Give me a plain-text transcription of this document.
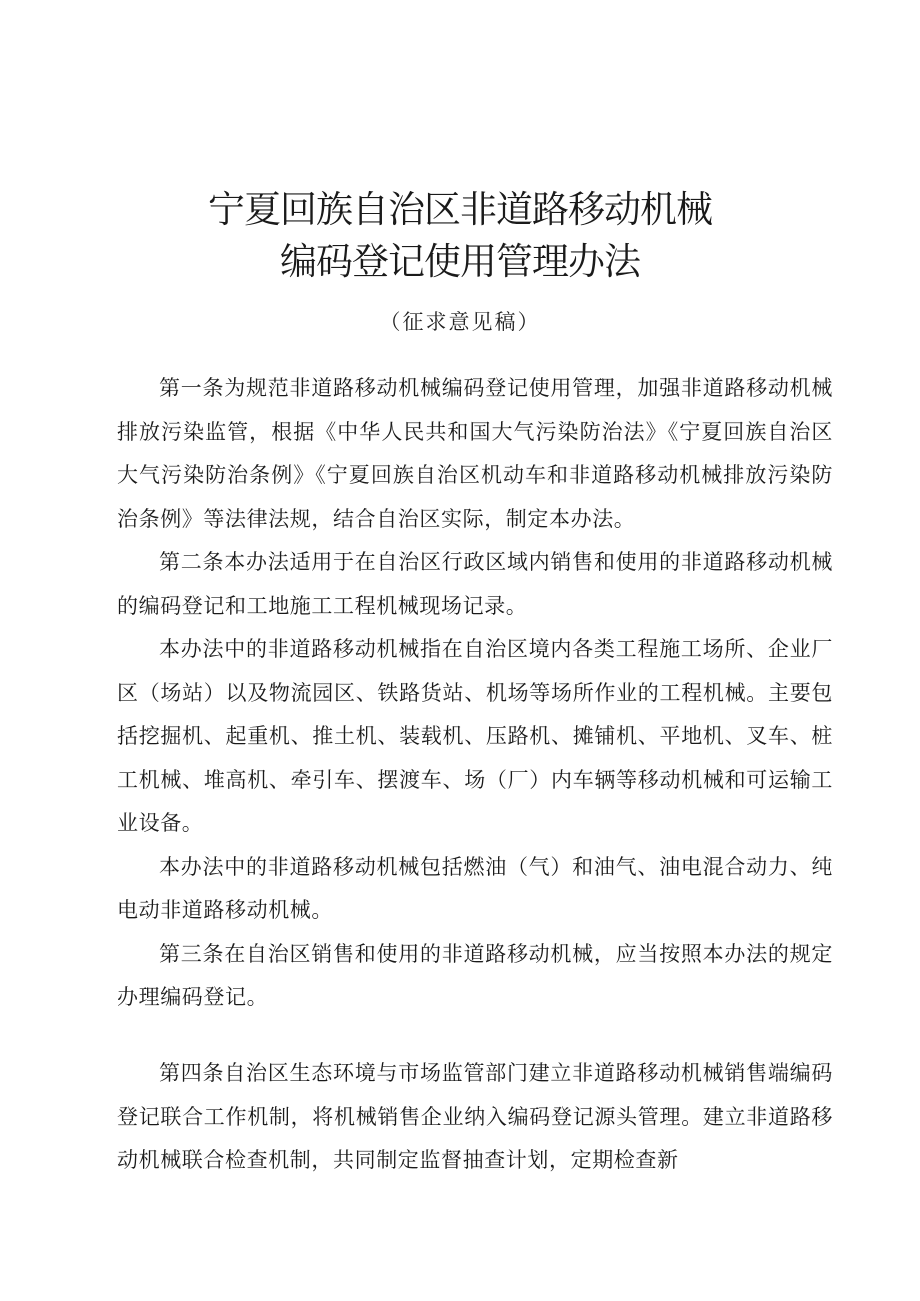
宁夏回族自治区非道路移动机械
编码登记使用管理办法
（征求意见稿）

第一条为规范非道路移动机械编码登记使用管理，加强非道路移动机械排放污染监管，根据《中华人民共和国大气污染防治法》《宁夏回族自治区大气污染防治条例》《宁夏回族自治区机动车和非道路移动机械排放污染防治条例》等法律法规，结合自治区实际，制定本办法。

第二条本办法适用于在自治区行政区域内销售和使用的非道路移动机械的编码登记和工地施工工程机械现场记录。

本办法中的非道路移动机械指在自治区境内各类工程施工场所、企业厂区（场站）以及物流园区、铁路货站、机场等场所作业的工程机械。主要包括挖掘机、起重机、推土机、装载机、压路机、摊铺机、平地机、叉车、桩工机械、堆高机、牵引车、摆渡车、场（厂）内车辆等移动机械和可运输工业设备。

本办法中的非道路移动机械包括燃油（气）和油气、油电混合动力、纯电动非道路移动机械。

第三条在自治区销售和使用的非道路移动机械，应当按照本办法的规定办理编码登记。

第四条自治区生态环境与市场监管部门建立非道路移动机械销售端编码登记联合工作机制，将机械销售企业纳入编码登记源头管理。建立非道路移动机械联合检查机制，共同制定监督抽查计划，定期检查新
